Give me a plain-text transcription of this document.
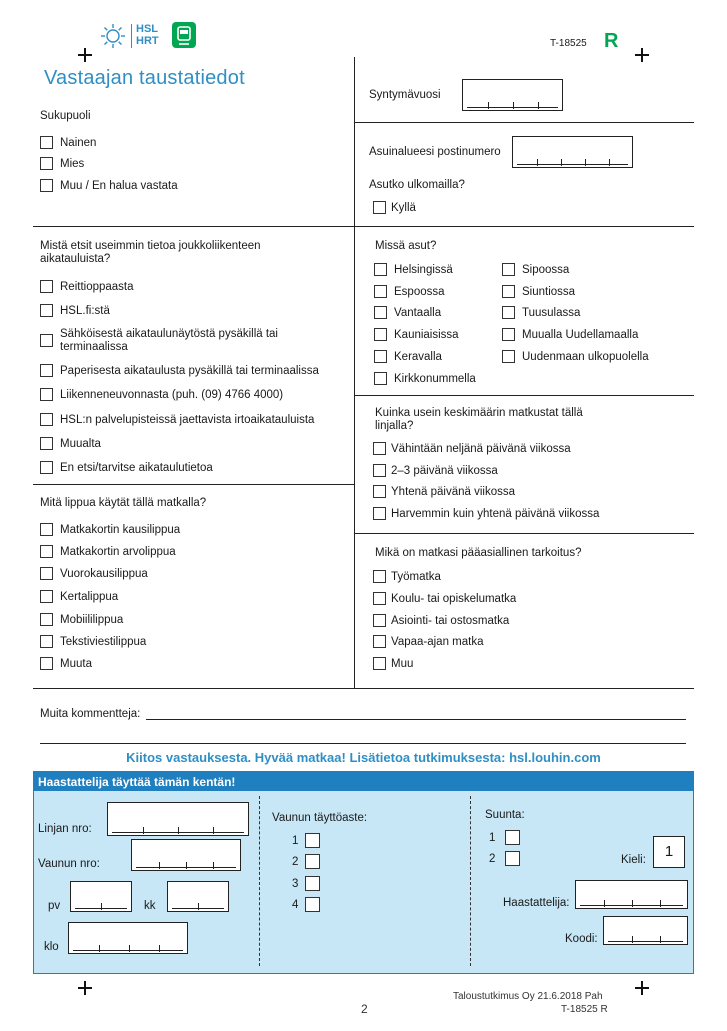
HSL
HRT	T-18525 R
Vastaajan taustatiedot
Sukupuoli
Nainen
Mies
Muu / En halua vastata
Syntymävuosi
Asuinalueesi postinumero
Asutko ulkomailla?
Kyllä
Mistä etsit useimmin tietoa joukkoliikenteen aikatauluista?
Reittioppaasta
HSL.fi:stä
Sähköisestä aikataulunäytöstä pysäkillä tai terminaalissa
Paperisesta aikataulusta pysäkillä tai terminaalissa
Liikenneneuvonnasta (puh. (09) 4766 4000)
HSL:n palvelupisteissä jaettavista irtoaikatauluista
Muualta
En etsi/tarvitse aikataulutietoa
Missä asut?
Helsingissä
Espoossa
Vantaalla
Kauniaisissa
Keravalla
Kirkkonummella
Sipoossa
Siuntiossa
Tuusulassa
Muualla Uudellamaalla
Uudenmaan ulkopuolella
Kuinka usein keskimäärin matkustat tällä linjalla?
Vähintään neljänä päivänä viikossa
2–3 päivänä viikossa
Yhtenä päivänä viikossa
Harvemmin kuin yhtenä päivänä viikossa
Mitä lippua käytät tällä matkalla?
Matkakortin kausilippua
Matkakortin arvolippua
Vuorokausilippua
Kertalippua
Mobiililippua
Tekstiviestilippua
Muuta
Mikä on matkasi pääasiallinen tarkoitus?
Työmatka
Koulu- tai opiskelumatka
Asiointi- tai ostosmatka
Vapaa-ajan matka
Muu
Muita kommentteja:
Kiitos vastauksesta. Hyvää matkaa! Lisätietoa tutkimuksesta: hsl.louhin.com
Haastattelija täyttää tämän kentän!
Linjan nro:
Vaunun nro:
pv	kk
klo
Vaunun täyttöaste:
1
2
3
4
Suunta:
1
2	Kieli:	1
Haastattelija:
Koodi:
2
Taloustutkimus Oy 21.6.2018 Pah
T-18525 R
